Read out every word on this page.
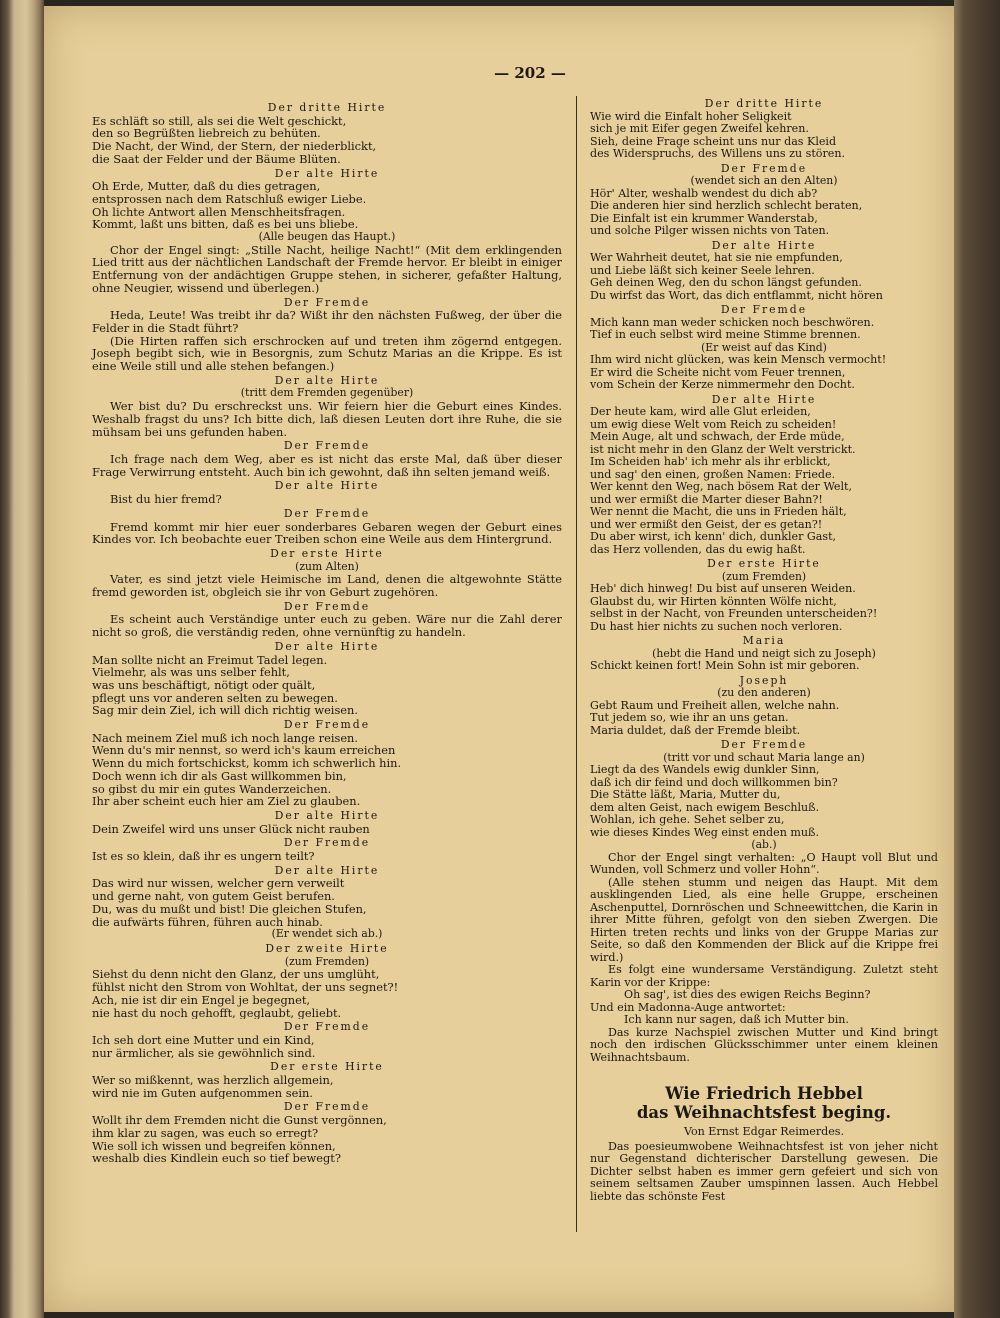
— 202 —
Der dritte Hirte
Es schläft so still, als sei die Welt geschickt,
den so Begrüßten liebreich zu behüten.
Die Nacht, der Wind, der Stern, der niederblickt,
die Saat der Felder und der Bäume Blüten.
Der alte Hirte
Oh Erde, Mutter, daß du dies getragen,
entsprossen nach dem Ratschluß ewiger Liebe.
Oh lichte Antwort allen Menschheitsfragen.
Kommt, laßt uns bitten, daß es bei uns bliebe.
(Alle beugen das Haupt.)
Chor der Engel singt: „Stille Nacht, heilige Nacht!“ (Mit dem erklingenden Lied tritt aus der nächtlichen Landschaft der Fremde hervor. Er bleibt in einiger Entfernung von der andächtigen Gruppe stehen, in sicherer, gefaßter Haltung, ohne Neugier, wissend und überlegen.)
Der Fremde
Heda, Leute! Was treibt ihr da? Wißt ihr den nächsten Fußweg, der über die Felder in die Stadt führt?
(Die Hirten raffen sich erschrocken auf und treten ihm zögernd entgegen. Joseph begibt sich, wie in Besorgnis, zum Schutz Marias an die Krippe. Es ist eine Weile still und alle stehen befangen.)
Der alte Hirte
(tritt dem Fremden gegenüber)
Wer bist du? Du erschreckst uns. Wir feiern hier die Geburt eines Kindes. Weshalb fragst du uns? Ich bitte dich, laß diesen Leuten dort ihre Ruhe, die sie mühsam bei uns gefunden haben.
Der Fremde
Ich frage nach dem Weg, aber es ist nicht das erste Mal, daß über dieser Frage Verwirrung entsteht. Auch bin ich gewohnt, daß ihn selten jemand weiß.
Der alte Hirte
Bist du hier fremd?
Der Fremde
Fremd kommt mir hier euer sonderbares Gebaren wegen der Geburt eines Kindes vor. Ich beobachte euer Treiben schon eine Weile aus dem Hintergrund.
Der erste Hirte
(zum Alten)
Vater, es sind jetzt viele Heimische im Land, denen die altgewohnte Stätte fremd geworden ist, obgleich sie ihr von Geburt zugehören.
Der Fremde
Es scheint auch Verständige unter euch zu geben. Wäre nur die Zahl derer nicht so groß, die verständig reden, ohne vernünftig zu handeln.
Der alte Hirte
Man sollte nicht an Freimut Tadel legen.
Vielmehr, als was uns selber fehlt,
was uns beschäftigt, nötigt oder quält,
pflegt uns vor anderen selten zu bewegen.
Sag mir dein Ziel, ich will dich richtig weisen.
Der Fremde
Nach meinem Ziel muß ich noch lange reisen.
Wenn du's mir nennst, so werd ich's kaum erreichen
Wenn du mich fortschickst, komm ich schwerlich hin.
Doch wenn ich dir als Gast willkommen bin,
so gibst du mir ein gutes Wanderzeichen.
Ihr aber scheint euch hier am Ziel zu glauben.
Der alte Hirte
Dein Zweifel wird uns unser Glück nicht rauben
Der Fremde
Ist es so klein, daß ihr es ungern teilt?
Der alte Hirte
Das wird nur wissen, welcher gern verweilt
und gerne naht, von gutem Geist berufen.
Du, was du mußt und bist! Die gleichen Stufen,
die aufwärts führen, führen auch hinab.
(Er wendet sich ab.)
Der zweite Hirte
(zum Fremden)
Siehst du denn nicht den Glanz, der uns umglüht,
fühlst nicht den Strom von Wohltat, der uns segnet?!
Ach, nie ist dir ein Engel je begegnet,
nie hast du noch gehofft, geglaubt, geliebt.
Der Fremde
Ich seh dort eine Mutter und ein Kind,
nur ärmlicher, als sie gewöhnlich sind.
Der erste Hirte
Wer so mißkennt, was herzlich allgemein,
wird nie im Guten aufgenommen sein.
Der Fremde
Wollt ihr dem Fremden nicht die Gunst vergönnen,
ihm klar zu sagen, was euch so erregt?
Wie soll ich wissen und begreifen können,
weshalb dies Kindlein euch so tief bewegt?
Der dritte Hirte
Wie wird die Einfalt hoher Seligkeit
sich je mit Eifer gegen Zweifel kehren.
Sieh, deine Frage scheint uns nur das Kleid
des Widerspruchs, des Willens uns zu stören.
Der Fremde
(wendet sich an den Alten)
Hör' Alter, weshalb wendest du dich ab?
Die anderen hier sind herzlich schlecht beraten,
Die Einfalt ist ein krummer Wanderstab,
und solche Pilger wissen nichts von Taten.
Der alte Hirte
Wer Wahrheit deutet, hat sie nie empfunden,
und Liebe läßt sich keiner Seele lehren.
Geh deinen Weg, den du schon längst gefunden.
Du wirfst das Wort, das dich entflammt, nicht hören
Der Fremde
Mich kann man weder schicken noch beschwören.
Tief in euch selbst wird meine Stimme brennen.
(Er weist auf das Kind)
Ihm wird nicht glücken, was kein Mensch vermocht!
Er wird die Scheite nicht vom Feuer trennen,
vom Schein der Kerze nimmermehr den Docht.
Der alte Hirte
Der heute kam, wird alle Glut erleiden,
um ewig diese Welt vom Reich zu scheiden!
Mein Auge, alt und schwach, der Erde müde,
ist nicht mehr in den Glanz der Welt verstrickt.
Im Scheiden hab' ich mehr als ihr erblickt,
und sag' den einen, großen Namen: Friede.
Wer kennt den Weg, nach bösem Rat der Welt,
und wer ermißt die Marter dieser Bahn?!
Wer nennt die Macht, die uns in Frieden hält,
und wer ermißt den Geist, der es getan?!
Du aber wirst, ich kenn' dich, dunkler Gast,
das Herz vollenden, das du ewig haßt.
Der erste Hirte
(zum Fremden)
Heb' dich hinweg! Du bist auf unseren Weiden.
Glaubst du, wir Hirten könnten Wölfe nicht,
selbst in der Nacht, von Freunden unterscheiden?!
Du hast hier nichts zu suchen noch verloren.
Maria
(hebt die Hand und neigt sich zu Joseph)
Schickt keinen fort! Mein Sohn ist mir geboren.
Joseph
(zu den anderen)
Gebt Raum und Freiheit allen, welche nahn.
Tut jedem so, wie ihr an uns getan.
Maria duldet, daß der Fremde bleibt.
Der Fremde
(tritt vor und schaut Maria lange an)
Liegt da des Wandels ewig dunkler Sinn,
daß ich dir feind und doch willkommen bin?
Die Stätte läßt, Maria, Mutter du,
dem alten Geist, nach ewigem Beschluß.
Wohlan, ich gehe. Sehet selber zu,
wie dieses Kindes Weg einst enden muß.
(ab.)
Chor der Engel singt verhalten: „O Haupt voll Blut und Wunden, voll Schmerz und voller Hohn“.
(Alle stehen stumm und neigen das Haupt. Mit dem ausklingenden Lied, als eine helle Gruppe, erscheinen Aschenputtel, Dornröschen und Schneewittchen, die Karin in ihrer Mitte führen, gefolgt von den sieben Zwergen. Die Hirten treten rechts und links von der Gruppe Marias zur Seite, so daß den Kommenden der Blick auf die Krippe frei wird.)
Es folgt eine wundersame Verständigung. Zuletzt steht Karin vor der Krippe:
Oh sag', ist dies des ewigen Reichs Beginn?
Und ein Madonna-Auge antwortet:
Ich kann nur sagen, daß ich Mutter bin.
Das kurze Nachspiel zwischen Mutter und Kind bringt noch den irdischen Glücksschimmer unter einem kleinen Weihnachtsbaum.
Wie Friedrich Hebbel
das Weihnachtsfest beging.
Von Ernst Edgar Reimerdes.
Das poesieumwobene Weihnachtsfest ist von jeher nicht nur Gegenstand dichterischer Darstellung gewesen. Die Dichter selbst haben es immer gern gefeiert und sich von seinem seltsamen Zauber umspinnen lassen. Auch Hebbel liebte das schönste Fest
